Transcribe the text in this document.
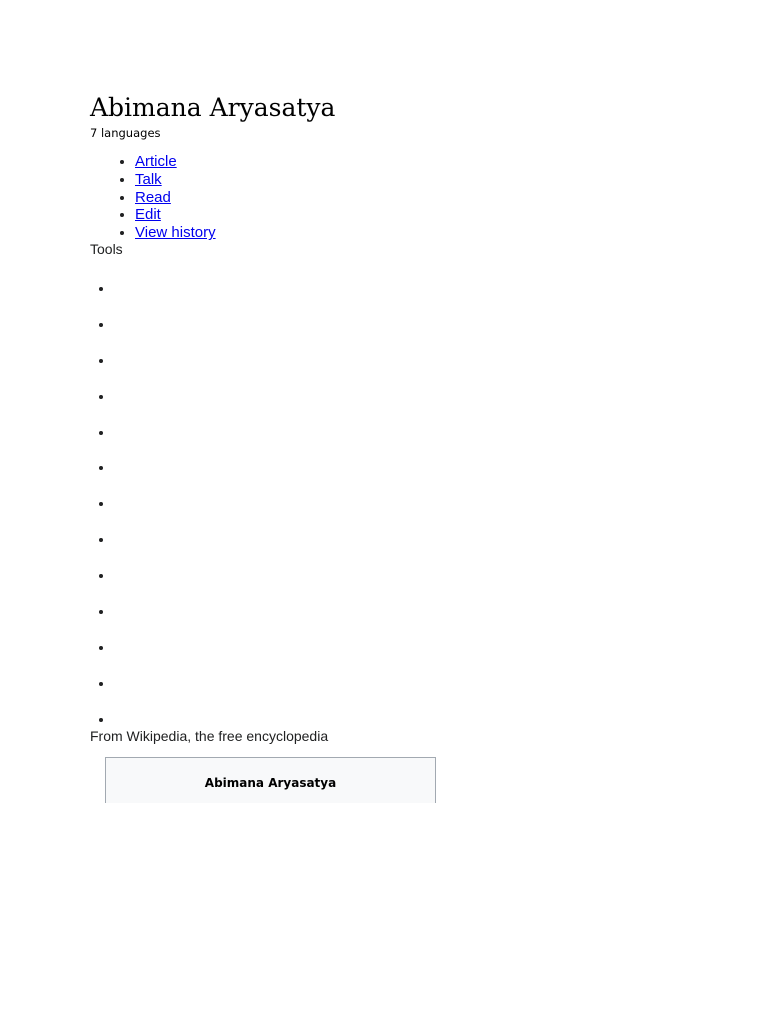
Abimana Aryasatya
7 languages
• Article
• Talk
• Read
• Edit
• View history
Tools
From Wikipedia, the free encyclopedia
Abimana Aryasatya
